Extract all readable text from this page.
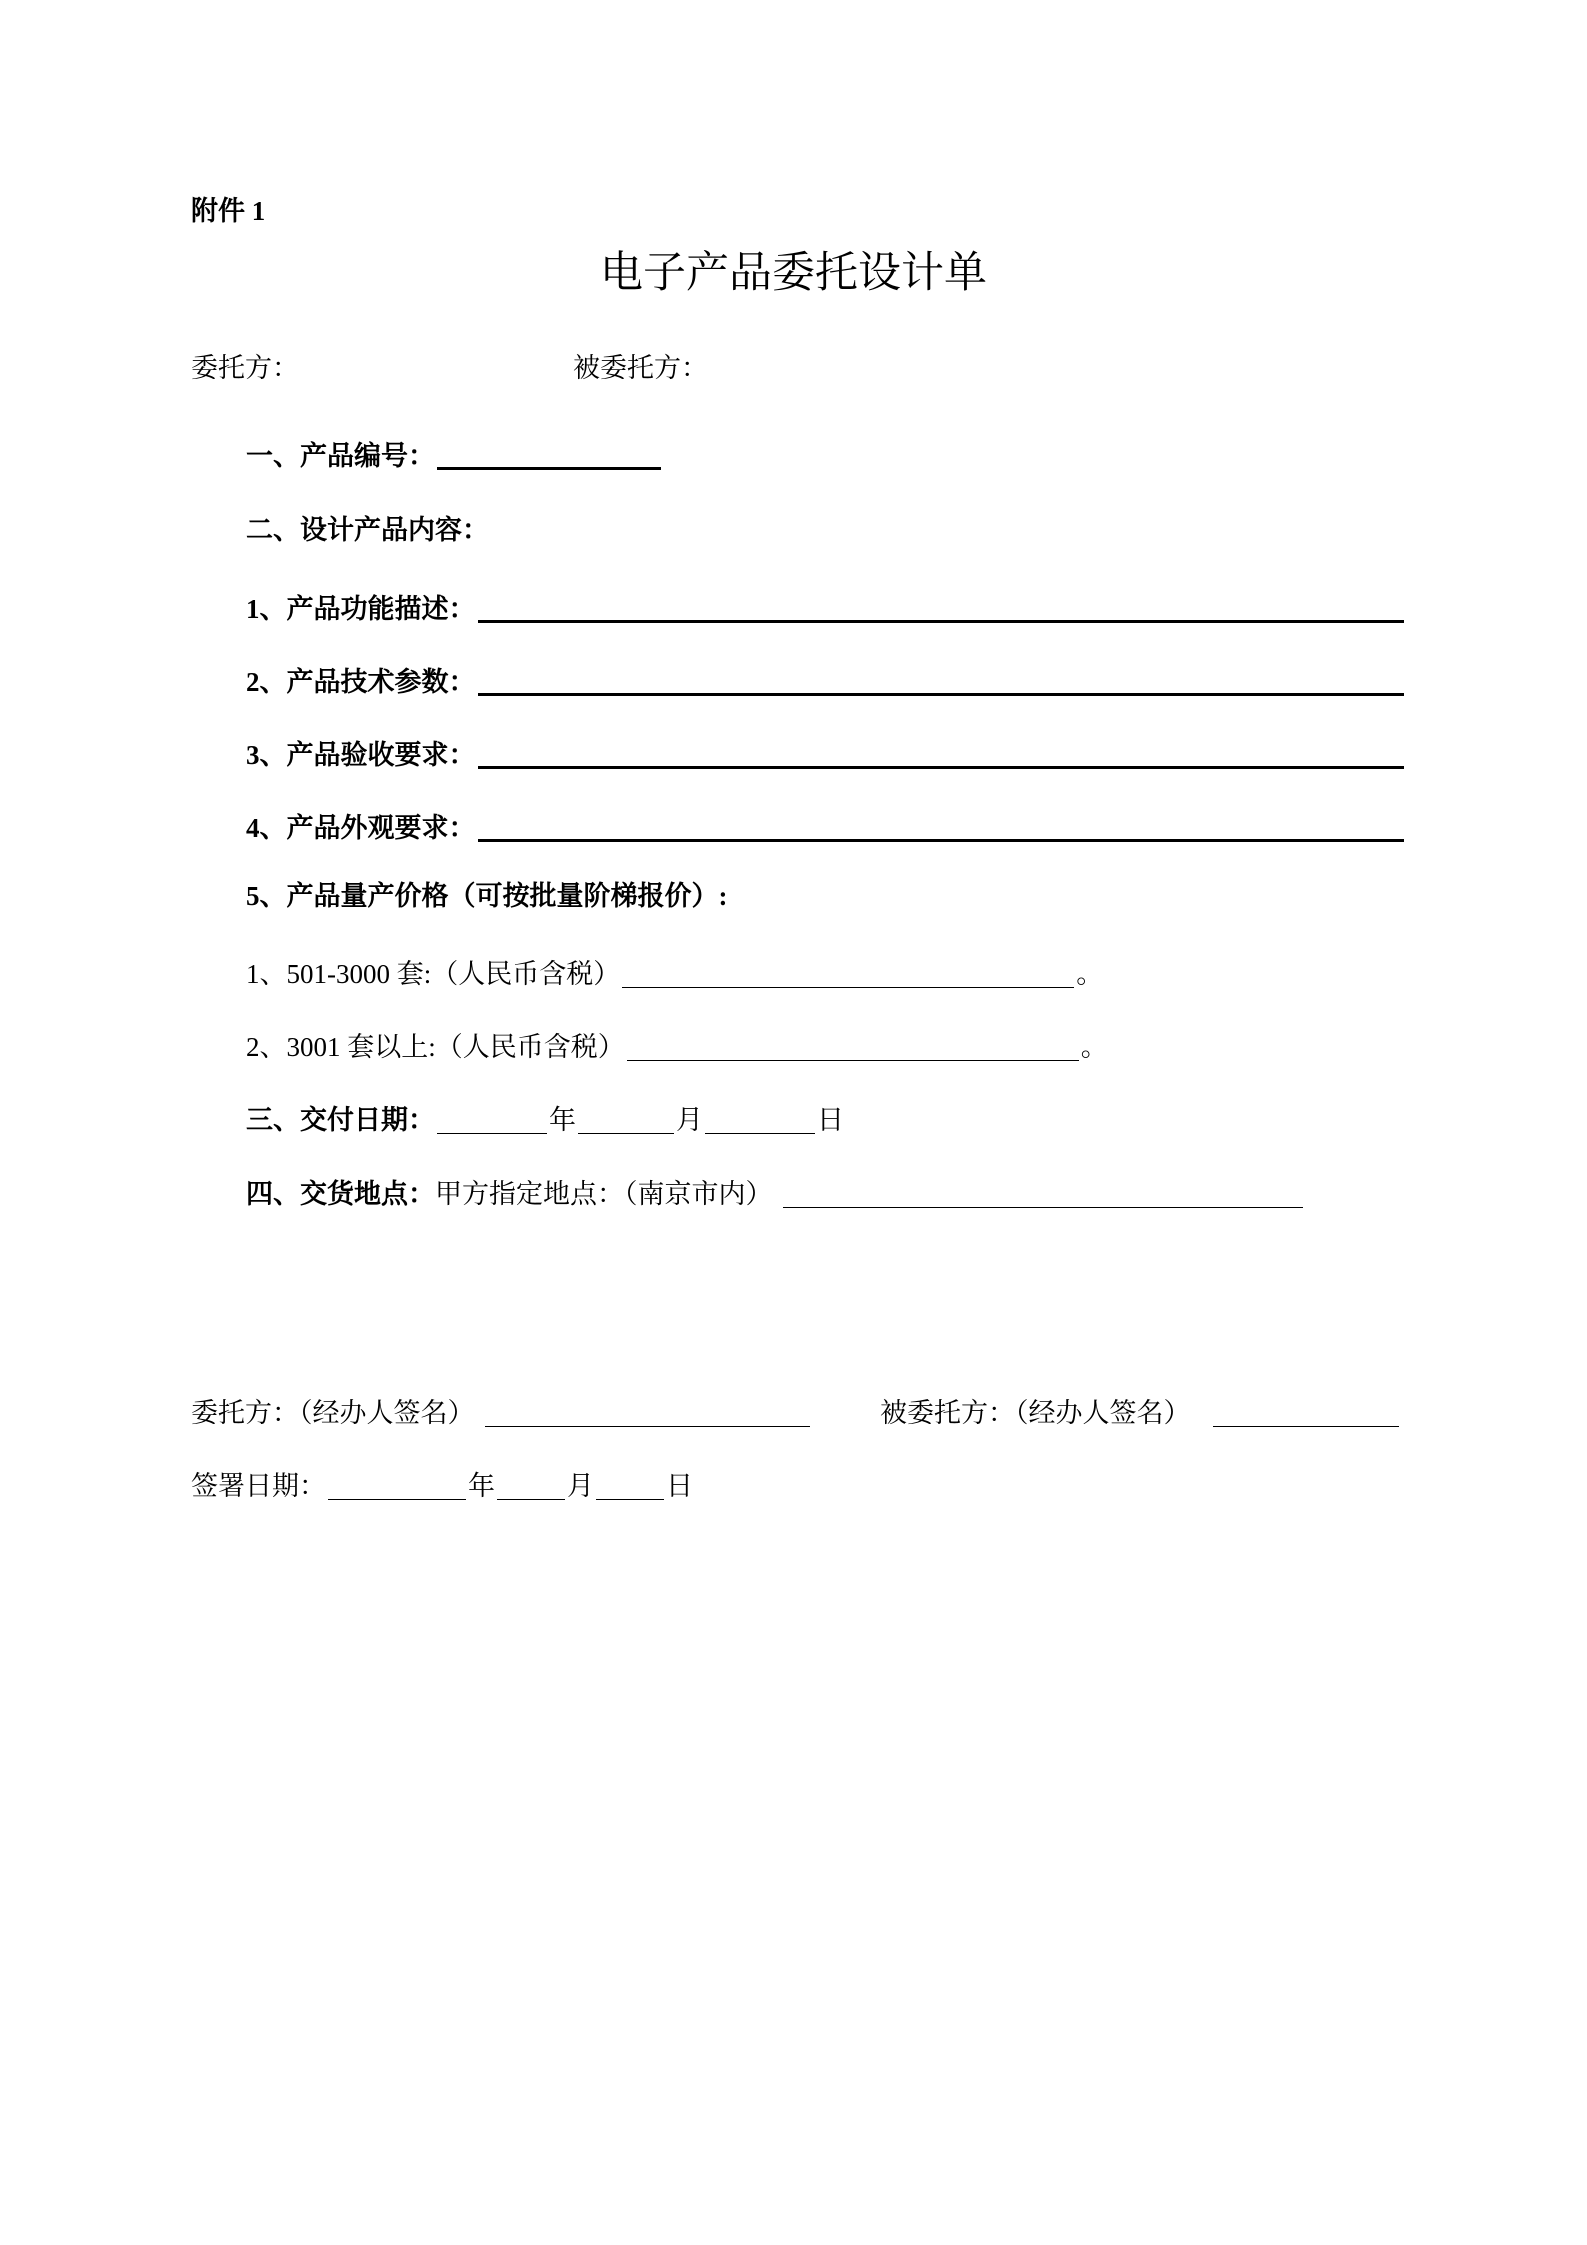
附件 1
电子产品委托设计单
委托方：	被委托方：
一、产品编号：
二、设计产品内容：
1、产品功能描述：
2、产品技术参数：
3、产品验收要求：
4、产品外观要求：
5、产品量产价格（可按批量阶梯报价）:
1、501-3000 套:（人民币含税）	。
2、3001 套以上:（人民币含税）	。
三、交付日期：	年	月	日
四、交货地点： 甲方指定地点：（南京市内）
委托方：（经办人签名）	被委托方：（经办人签名）
签署日期：	年	月	日
